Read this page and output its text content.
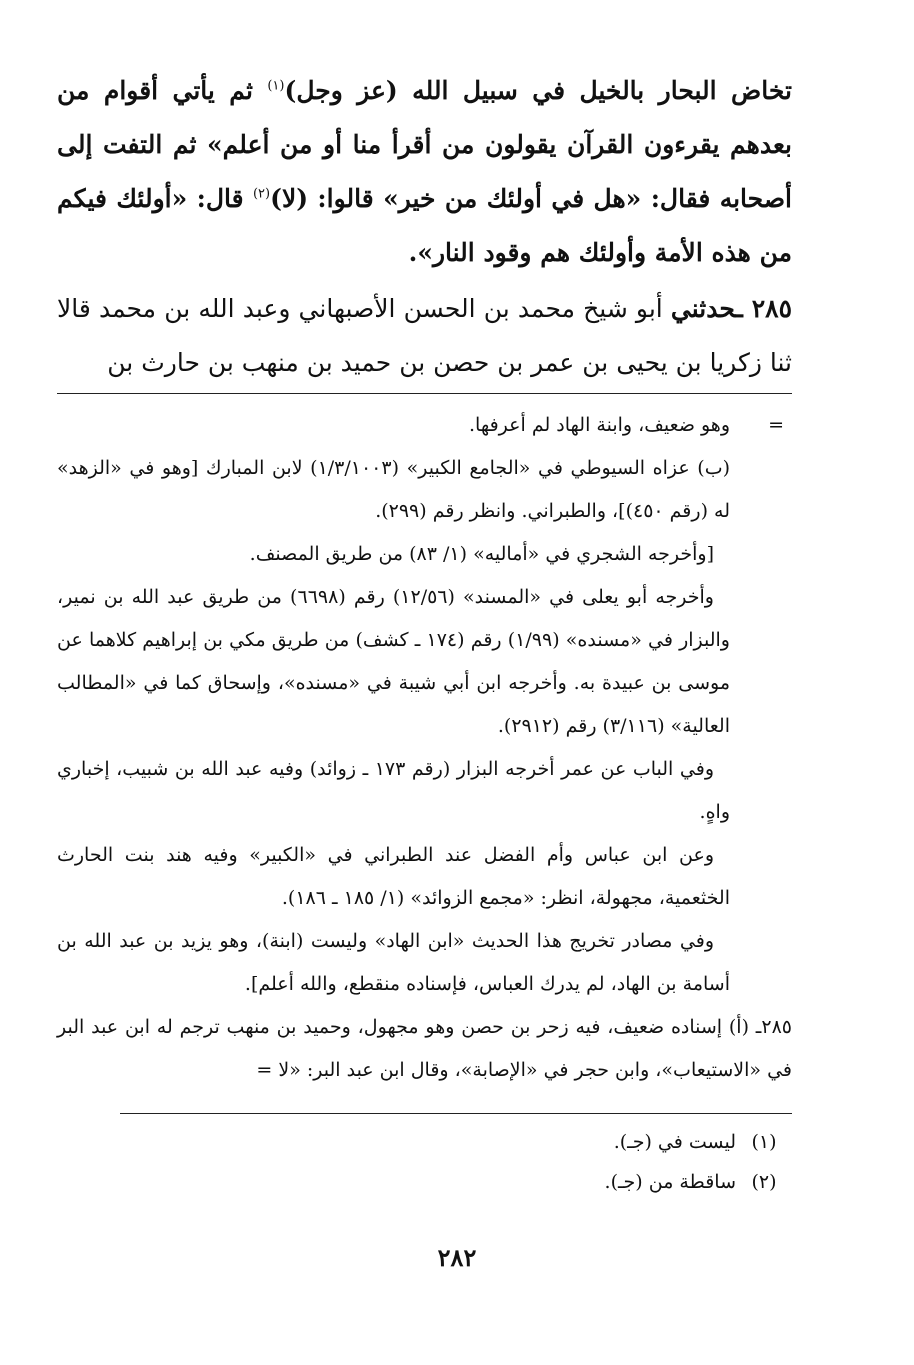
تخاض البحار بالخيل في سبيل الله (عز وجل)$^{(١)}$ ثم يأتي أقوام من بعدهم يقرءون القرآن يقولون من أقرأ منا أو من أعلم» ثم التفت إلى أصحابه فقال: «هل في أولئك من خير» قالوا: (لا)$^{(٢)}$ قال: «أولئك فيكم من هذه الأمة وأولئك هم وقود النار».

٢٨٥ ـحدثني أبو شيخ محمد بن الحسن الأصبهاني وعبد الله بن محمد قالا ثنا زكريا بن يحيى بن عمر بن حصن بن حميد بن منهب بن حارث بن

=
وهو ضعيف، وابنة الهاد لم أعرفها.

(ب) عزاه السيوطي في «الجامع الكبير» (١/٣/١٠٠٣) لابن المبارك [وهو في «الزهد» له (رقم ٤٥٠)]، والطبراني. وانظر رقم (٢٩٩).

[وأخرجه الشجري في «أماليه» (١/ ٨٣) من طريق المصنف.

وأخرجه أبو يعلى في «المسند» (١٢/٥٦) رقم (٦٦٩٨) من طريق عبد الله بن نمير، والبزار في «مسنده» (١/٩٩) رقم (١٧٤ ـ كشف) من طريق مكي بن إبراهيم كلاهما عن موسى بن عبيدة به. وأخرجه ابن أبي شيبة في «مسنده»، وإسحاق كما في «المطالب العالية» (٣/١١٦) رقم (٢٩١٢).

وفي الباب عن عمر أخرجه البزار (رقم ١٧٣ ـ زوائد) وفيه عبد الله بن شبيب، إخباري واهٍ.

وعن ابن عباس وأم الفضل عند الطبراني في «الكبير» وفيه هند بنت الحارث الخثعمية، مجهولة، انظر: «مجمع الزوائد» (١/ ١٨٥ ـ ١٨٦).

وفي مصادر تخريج هذا الحديث «ابن الهاد» وليست (ابنة)، وهو يزيد بن عبد الله بن أسامة بن الهاد، لم يدرك العباس، فإسناده منقطع، والله أعلم].

٢٨٥ـ (أ) إسناده ضعيف، فيه زحر بن حصن وهو مجهول، وحميد بن منهب ترجم له ابن عبد البر في «الاستيعاب»، وابن حجر في «الإصابة»، وقال ابن عبد البر: «لا =

(١)
ليست في (جـ).

(٢)
ساقطة من (جـ).

٢٨٢
